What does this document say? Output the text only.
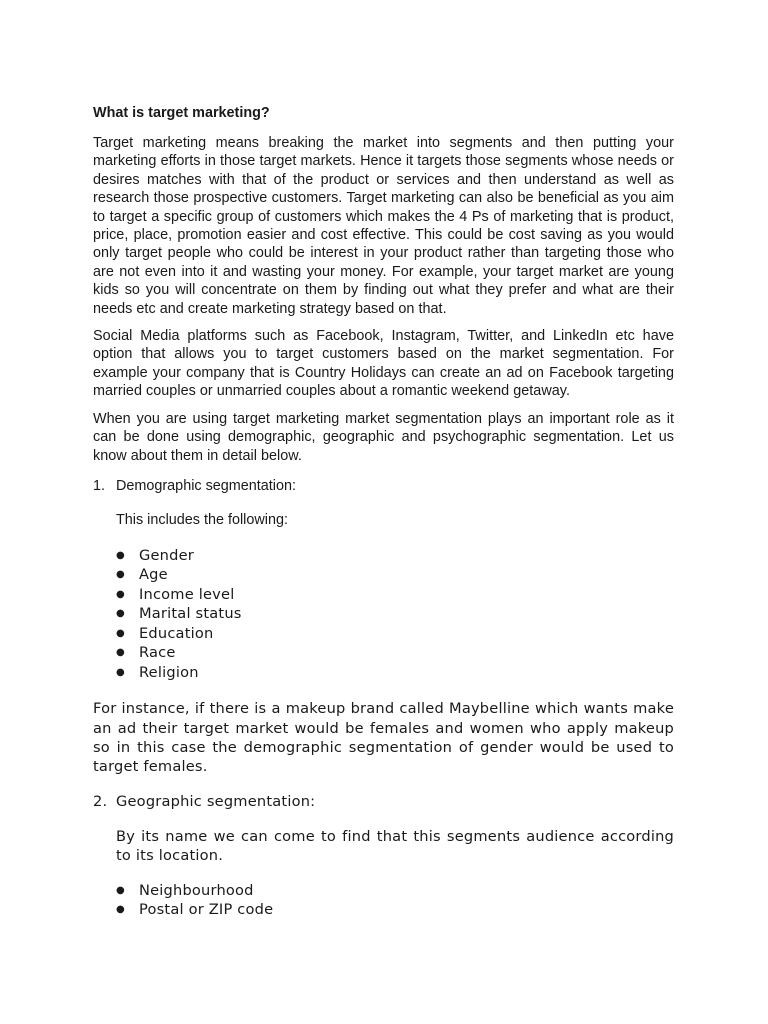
What is target marketing?

Target marketing means breaking the market into segments and then putting your marketing efforts in those target markets. Hence it targets those segments whose needs or desires matches with that of the product or services and then understand as well as research those prospective customers. Target marketing can also be beneficial as you aim to target a specific group of customers which makes the 4 Ps of marketing that is product, price, place, promotion easier and cost effective. This could be cost saving as you would only target people who could be interest in your product rather than targeting those who are not even into it and wasting your money. For example, your target market are young kids so you will concentrate on them by finding out what they prefer and what are their needs etc and create marketing strategy based on that.

Social Media platforms such as Facebook, Instagram, Twitter, and LinkedIn etc have option that allows you to target customers based on the market segmentation. For example your company that is Country Holidays can create an ad on Facebook targeting married couples or unmarried couples about a romantic weekend getaway.

When you are using target marketing market segmentation plays an important role as it can be done using demographic, geographic and psychographic segmentation. Let us know about them in detail below.

1. Demographic segmentation:
This includes the following:
● Gender
● Age
● Income level
● Marital status
● Education
● Race
● Religion

For instance, if there is a makeup brand called Maybelline which wants make an ad their target market would be females and women who apply makeup so in this case the demographic segmentation of gender would be used to target females.

2. Geographic segmentation:
By its name we can come to find that this segments audience according to its location.
● Neighbourhood
● Postal or ZIP code
